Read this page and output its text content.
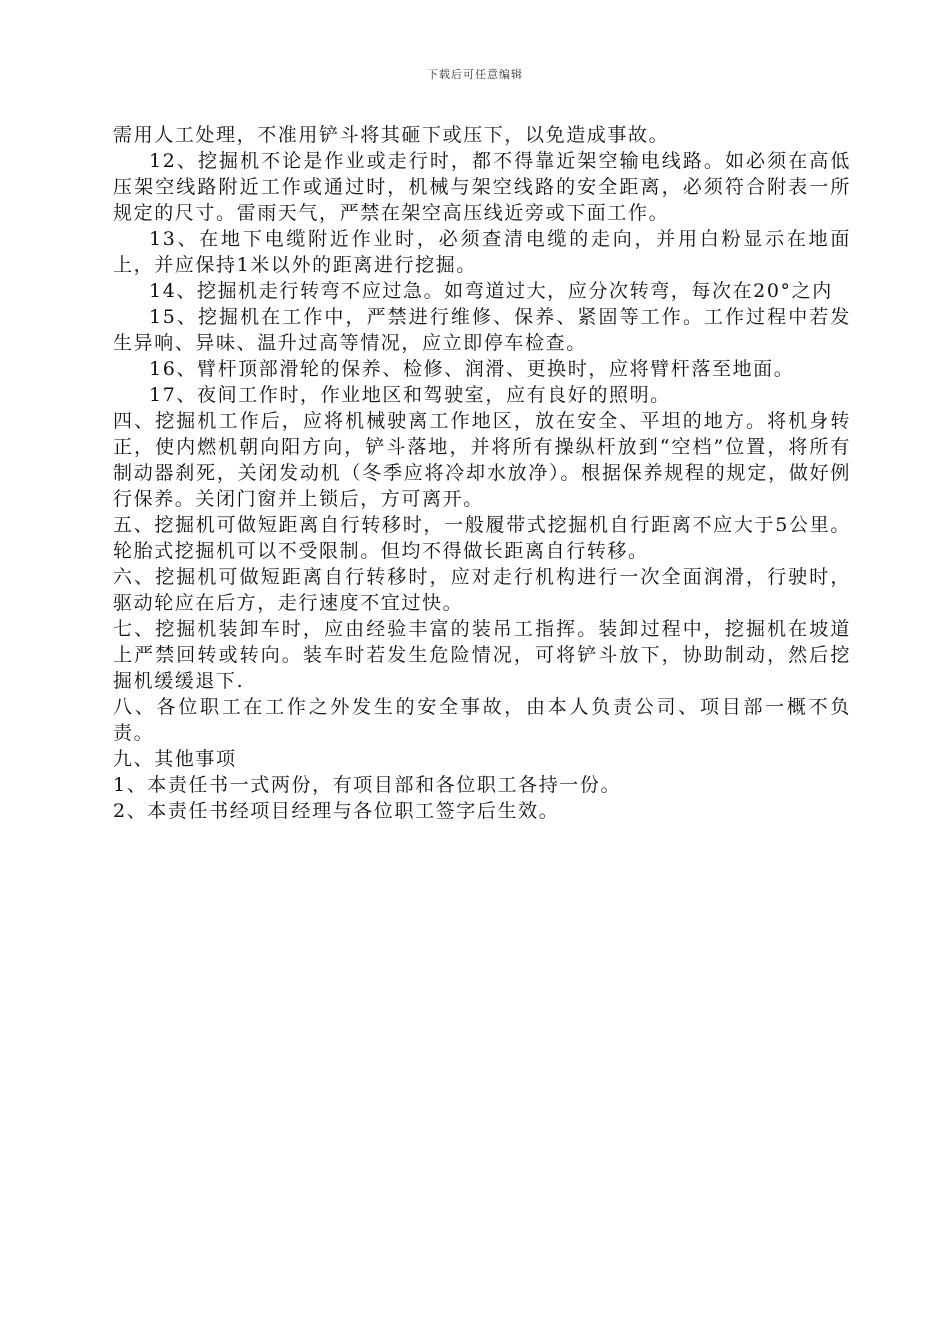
下载后可任意编辑

需用人工处理，不准用铲斗将其砸下或压下，以免造成事故。

12、挖掘机不论是作业或走行时，都不得靠近架空输电线路。如必须在高低压架空线路附近工作或通过时，机械与架空线路的安全距离，必须符合附表一所规定的尺寸。雷雨天气，严禁在架空高压线近旁或下面工作。

13、在地下电缆附近作业时，必须查清电缆的走向，并用白粉显示在地面上，并应保持1米以外的距离进行挖掘。

14、挖掘机走行转弯不应过急。如弯道过大，应分次转弯，每次在20°之内

15、挖掘机在工作中，严禁进行维修、保养、紧固等工作。工作过程中若发生异响、异味、温升过高等情况，应立即停车检查。

16、臂杆顶部滑轮的保养、检修、润滑、更换时，应将臂杆落至地面。

17、夜间工作时，作业地区和驾驶室，应有良好的照明。

四、挖掘机工作后，应将机械驶离工作地区，放在安全、平坦的地方。将机身转正，使内燃机朝向阳方向，铲斗落地，并将所有操纵杆放到“空档”位置，将所有制动器刹死，关闭发动机（冬季应将冷却水放净）。根据保养规程的规定，做好例行保养。关闭门窗并上锁后，方可离开。

五、挖掘机可做短距离自行转移时，一般履带式挖掘机自行距离不应大于5公里。轮胎式挖掘机可以不受限制。但均不得做长距离自行转移。

六、挖掘机可做短距离自行转移时，应对走行机构进行一次全面润滑，行驶时，驱动轮应在后方，走行速度不宜过快。

七、挖掘机装卸车时，应由经验丰富的装吊工指挥。装卸过程中，挖掘机在坡道上严禁回转或转向。装车时若发生危险情况，可将铲斗放下，协助制动，然后挖掘机缓缓退下.

八、各位职工在工作之外发生的安全事故，由本人负责公司、项目部一概不负责。

九、其他事项

1、本责任书一式两份，有项目部和各位职工各持一份。

2、本责任书经项目经理与各位职工签字后生效。
